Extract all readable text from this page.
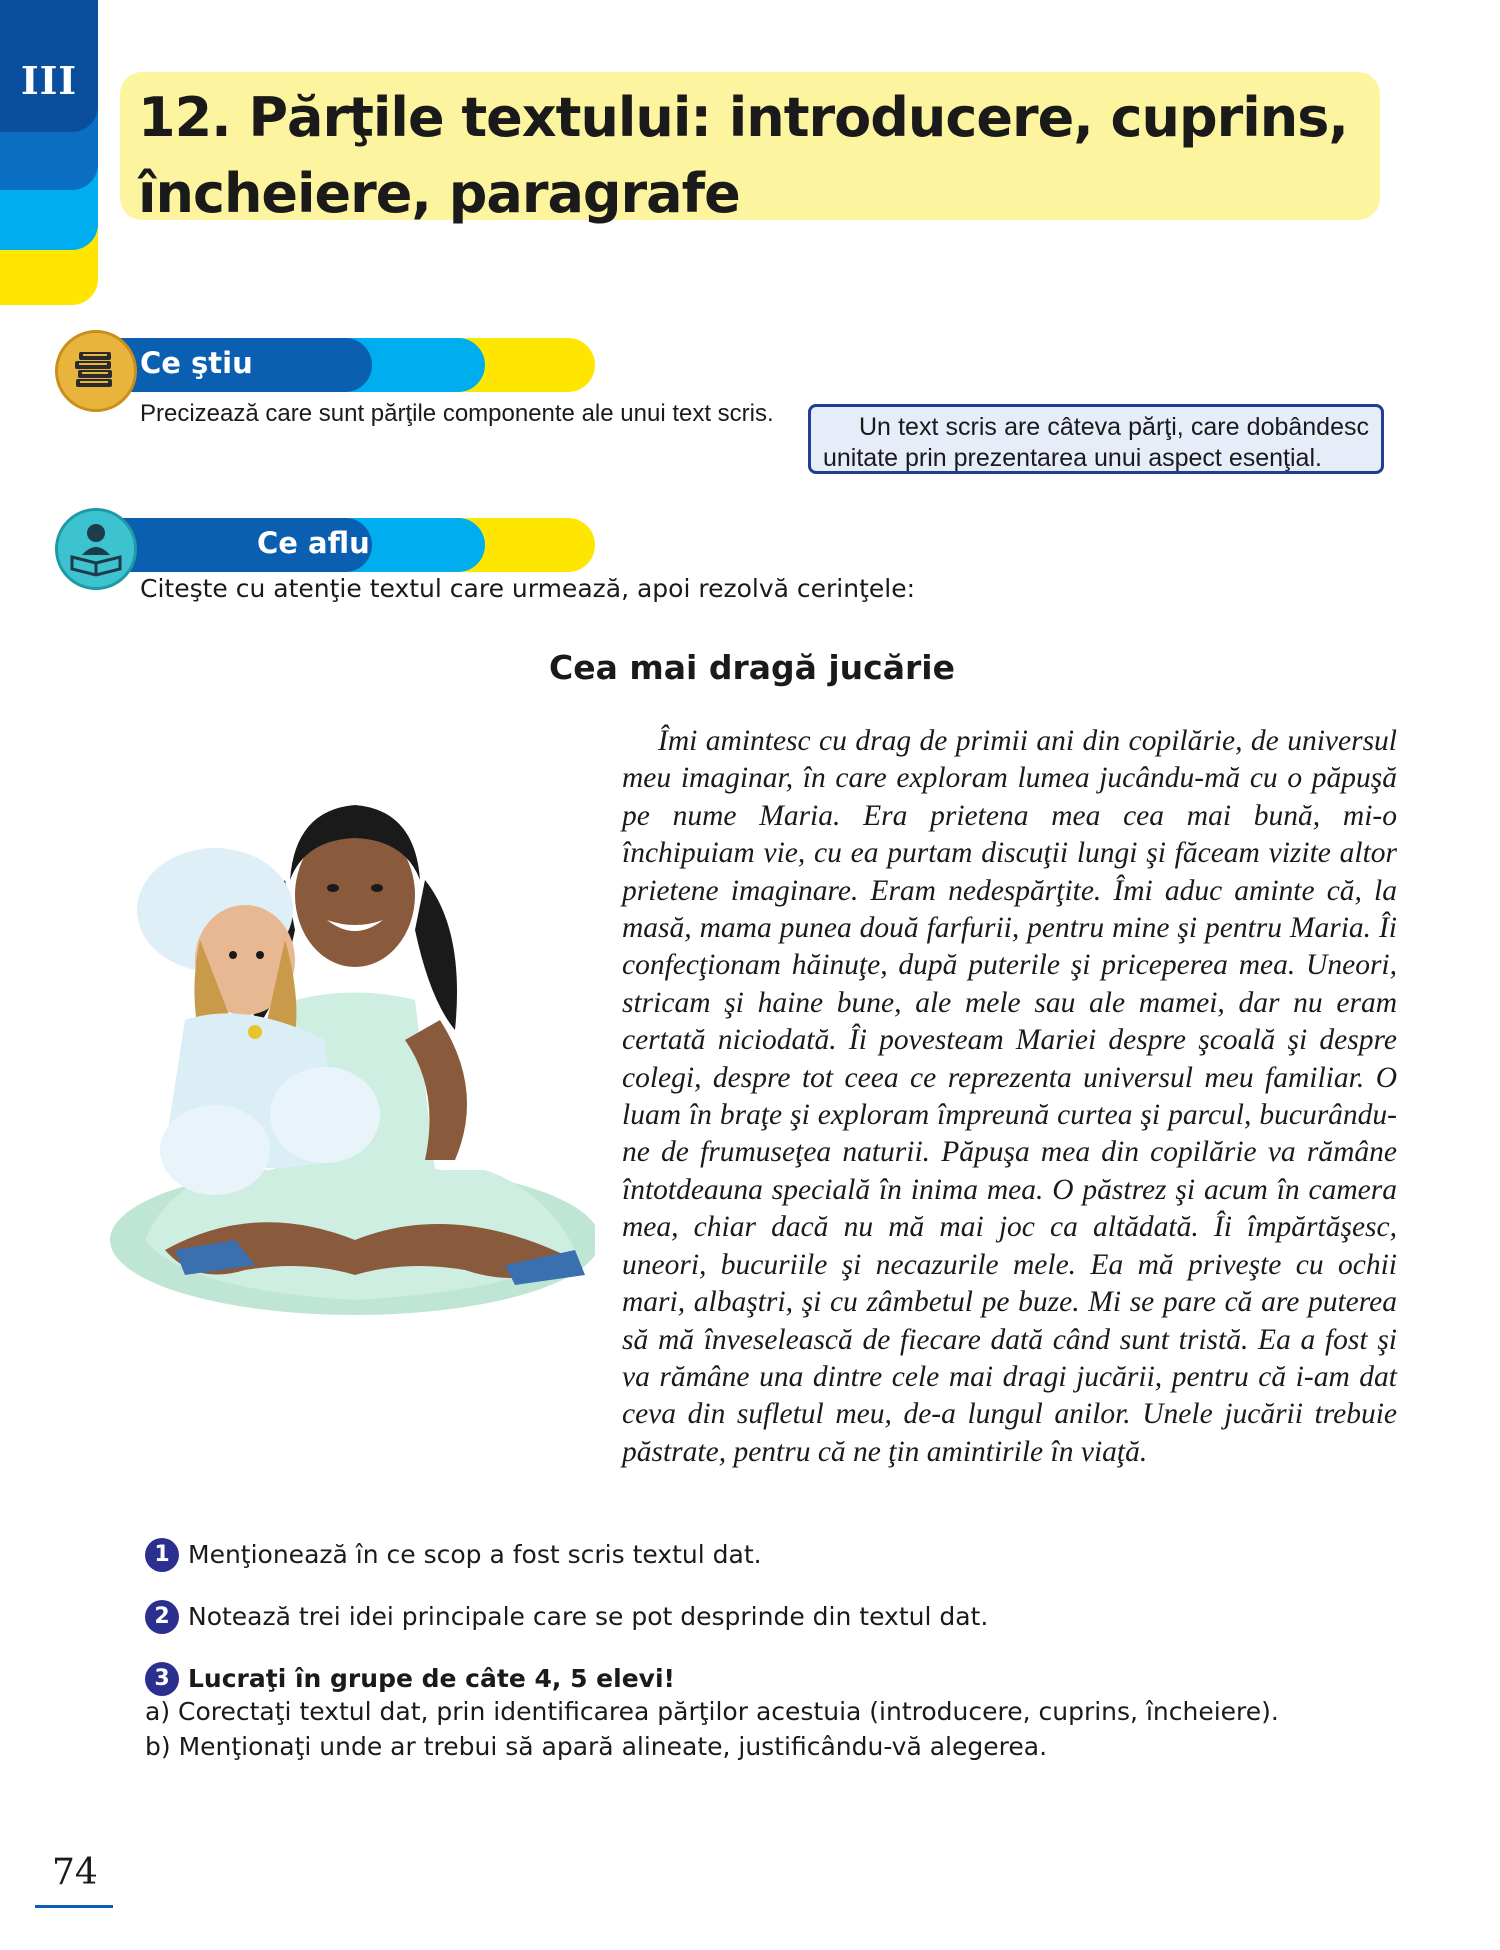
III
12. Părţile textului: introducere, cuprins,
încheiere, paragrafe
Ce ştiu

Precizează care sunt părţile componente ale unui text scris.	Un text scris are câteva părţi, care dobândesc unitate prin prezentarea unui aspect esenţial.
Ce aflu

Citeşte cu atenţie textul care urmează, apoi rezolvă cerinţele:

Cea mai dragă jucărie

Îmi amintesc cu drag de primii ani din copilărie, de universul meu imaginar, în care exploram lumea jucându-mă cu o păpuşă pe nume Maria. Era prietena mea cea mai bună, mi-o închipuiam vie, cu ea purtam discuţii lungi şi făceam vizite altor prietene imaginare. Eram nedespărţite. Îmi aduc aminte că, la masă, mama punea două farfurii, pentru mine şi pentru Maria. Îi confecţionam hăinuţe, după puterile şi priceperea mea. Uneori, stricam şi haine bune, ale mele sau ale mamei, dar nu eram certată niciodată. Îi povesteam Mariei despre şcoală şi despre colegi, despre tot ceea ce reprezenta universul meu familiar. O luam în braţe şi exploram împreună curtea şi parcul, bucurându-ne de frumuseţea naturii. Păpuşa mea din copilărie va rămâne întotdeauna specială în inima mea. O păstrez şi acum în camera mea, chiar dacă nu mă mai joc ca altădată. Îi împărtăşesc, uneori, bucuriile şi necazurile mele. Ea mă priveşte cu ochii mari, albaştri, şi cu zâmbetul pe buze. Mi se pare că are puterea să mă înveselească de fiecare dată când sunt tristă. Ea a fost şi va rămâne una dintre cele mai dragi jucării, pentru că i-am dat ceva din sufletul meu, de-a lungul anilor. Unele jucării trebuie păstrate, pentru că ne ţin amintirile în viaţă.

1 Menţionează în ce scop a fost scris textul dat.
2 Notează trei idei principale care se pot desprinde din textul dat.
3 Lucraţi în grupe de câte 4, 5 elevi!
a) Corectaţi textul dat, prin identificarea părţilor acestuia (introducere, cuprins, încheiere).
b) Menţionaţi unde ar trebui să apară alineate, justificându-vă alegerea.
74
